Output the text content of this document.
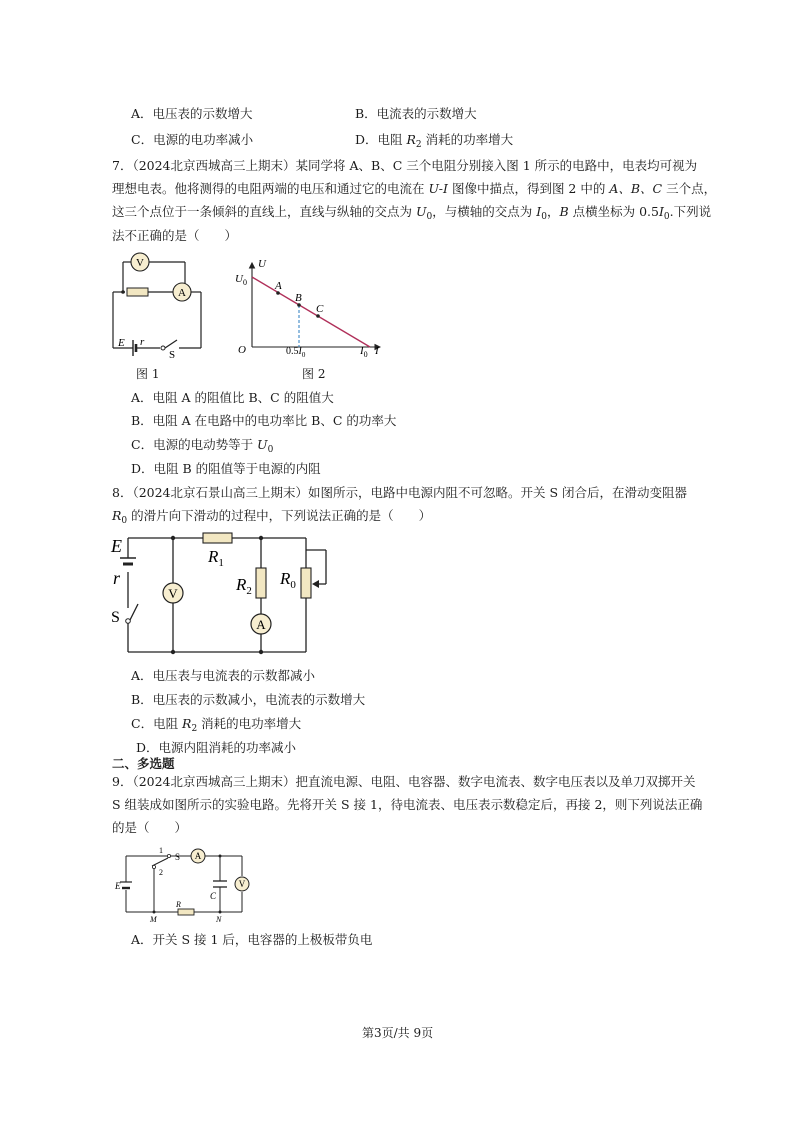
A．电压表的示数增大	B．电流表的示数增大
C．电源的电功率减小	D．电阻 $R_2$ 消耗的功率增大
7．（2024北京西城高三上期末）某同学将 A、B、C 三个电阻分别接入图 1 所示的电路中，电表均可视为
理想电表。他将测得的电阻两端的电压和通过它的电流在 U-I 图像中描点，得到图 2 中的 A、B、C 三个点，
这三个点位于一条倾斜的直线上，直线与纵轴的交点为 $U_0$，与横轴的交点为 $I_0$，B 点横坐标为 $0.5I_0$.下列说
法不正确的是（　　）
V
A
E r
S
图 1
U
$U_0$	A
B
C
O	$0.5I_0$	$I_0$ I
图 2
A．电阻 A 的阻值比 B、C 的阻值大
B．电阻 A 在电路中的电功率比 B、C 的功率大
C．电源的电动势等于 $U_0$
D．电阻 B 的阻值等于电源的内阻
8．（2024北京石景山高三上期末）如图所示，电路中电源内阻不可忽略。开关 S 闭合后，在滑动变阻器
$R_0$ 的滑片向下滑动的过程中，下列说法正确的是（　　）
V
A
E
r
S
$R_1$
$R_2$
$R_0$
A．电压表与电流表的示数都减小
B．电压表的示数减小，电流表的示数增大
C．电阻 $R_2$ 消耗的电功率增大
D．电源内阻消耗的功率减小
二、多选题
9．（2024北京西城高三上期末）把直流电源、电阻、电容器、数字电流表、数字电压表以及单刀双掷开关
S 组装成如图所示的实验电路。先将开关 S 接 1，待电流表、电压表示数稳定后，再接 2，则下列说法正确
的是（　　）
A
V
1
2
S
E
C
R
M	N
A．开关 S 接 1 后，电容器的上极板带负电
第3页/共 9页
